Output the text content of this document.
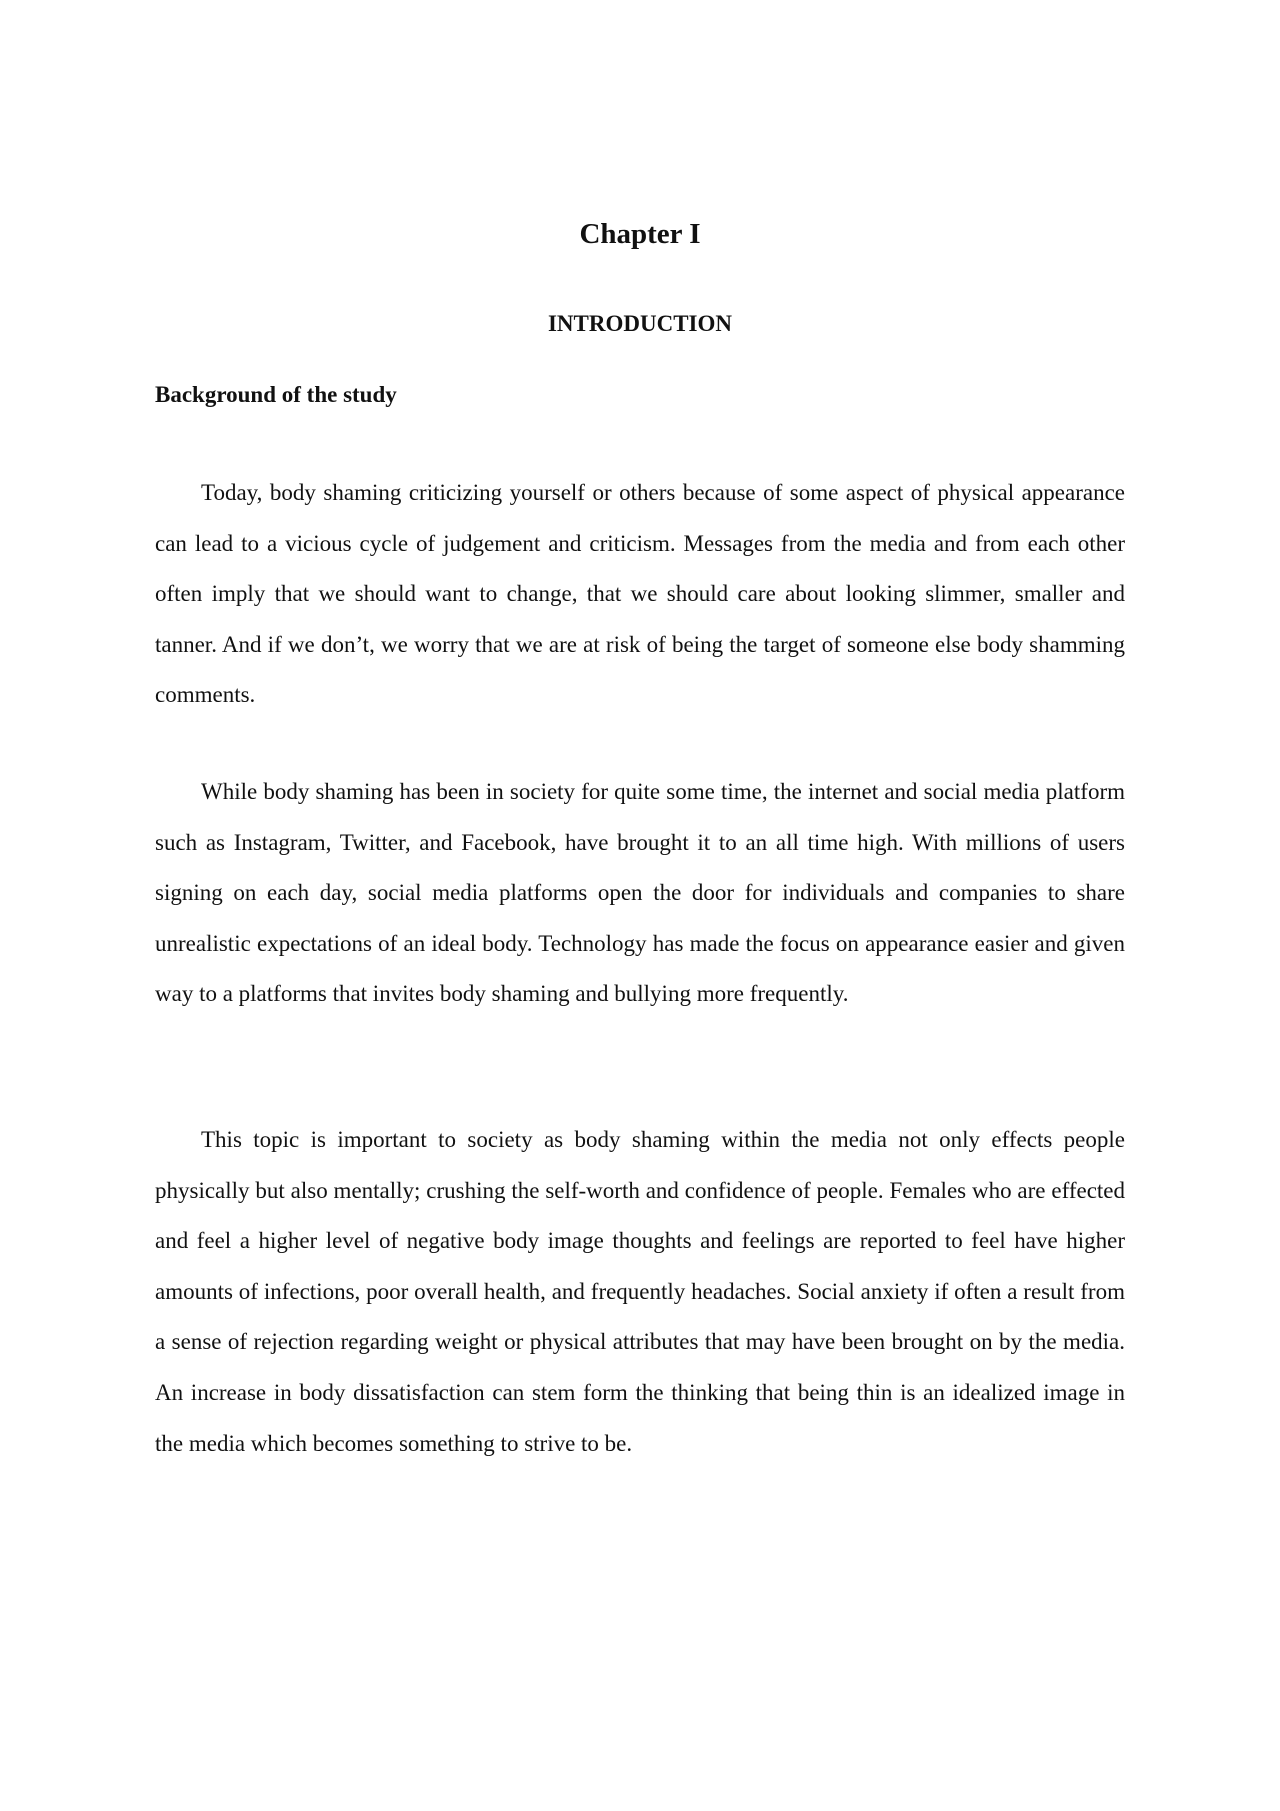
Chapter I
INTRODUCTION
Background of the study

Today, body shaming criticizing yourself or others because of some aspect of physical appearance can lead to a vicious cycle of judgement and criticism. Messages from the media and from each other often imply that we should want to change, that we should care about looking slimmer, smaller and tanner. And if we don’t, we worry that we are at risk of being the target of someone else body shamming comments.

While body shaming has been in society for quite some time, the internet and social media platform such as Instagram, Twitter, and Facebook, have brought it to an all time high. With millions of users signing on each day, social media platforms open the door for individuals and companies to share unrealistic expectations of an ideal body. Technology has made the focus on appearance easier and given way to a platforms that invites body shaming and bullying more frequently.

This topic is important to society as body shaming within the media not only effects people physically but also mentally; crushing the self-worth and confidence of people. Females who are effected and feel a higher level of negative body image thoughts and feelings are reported to feel have higher amounts of infections, poor overall health, and frequently headaches. Social anxiety if often a result from a sense of rejection regarding weight or physical attributes that may have been brought on by the media. An increase in body dissatisfaction can stem form the thinking that being thin is an idealized image in the media which becomes something to strive to be.
